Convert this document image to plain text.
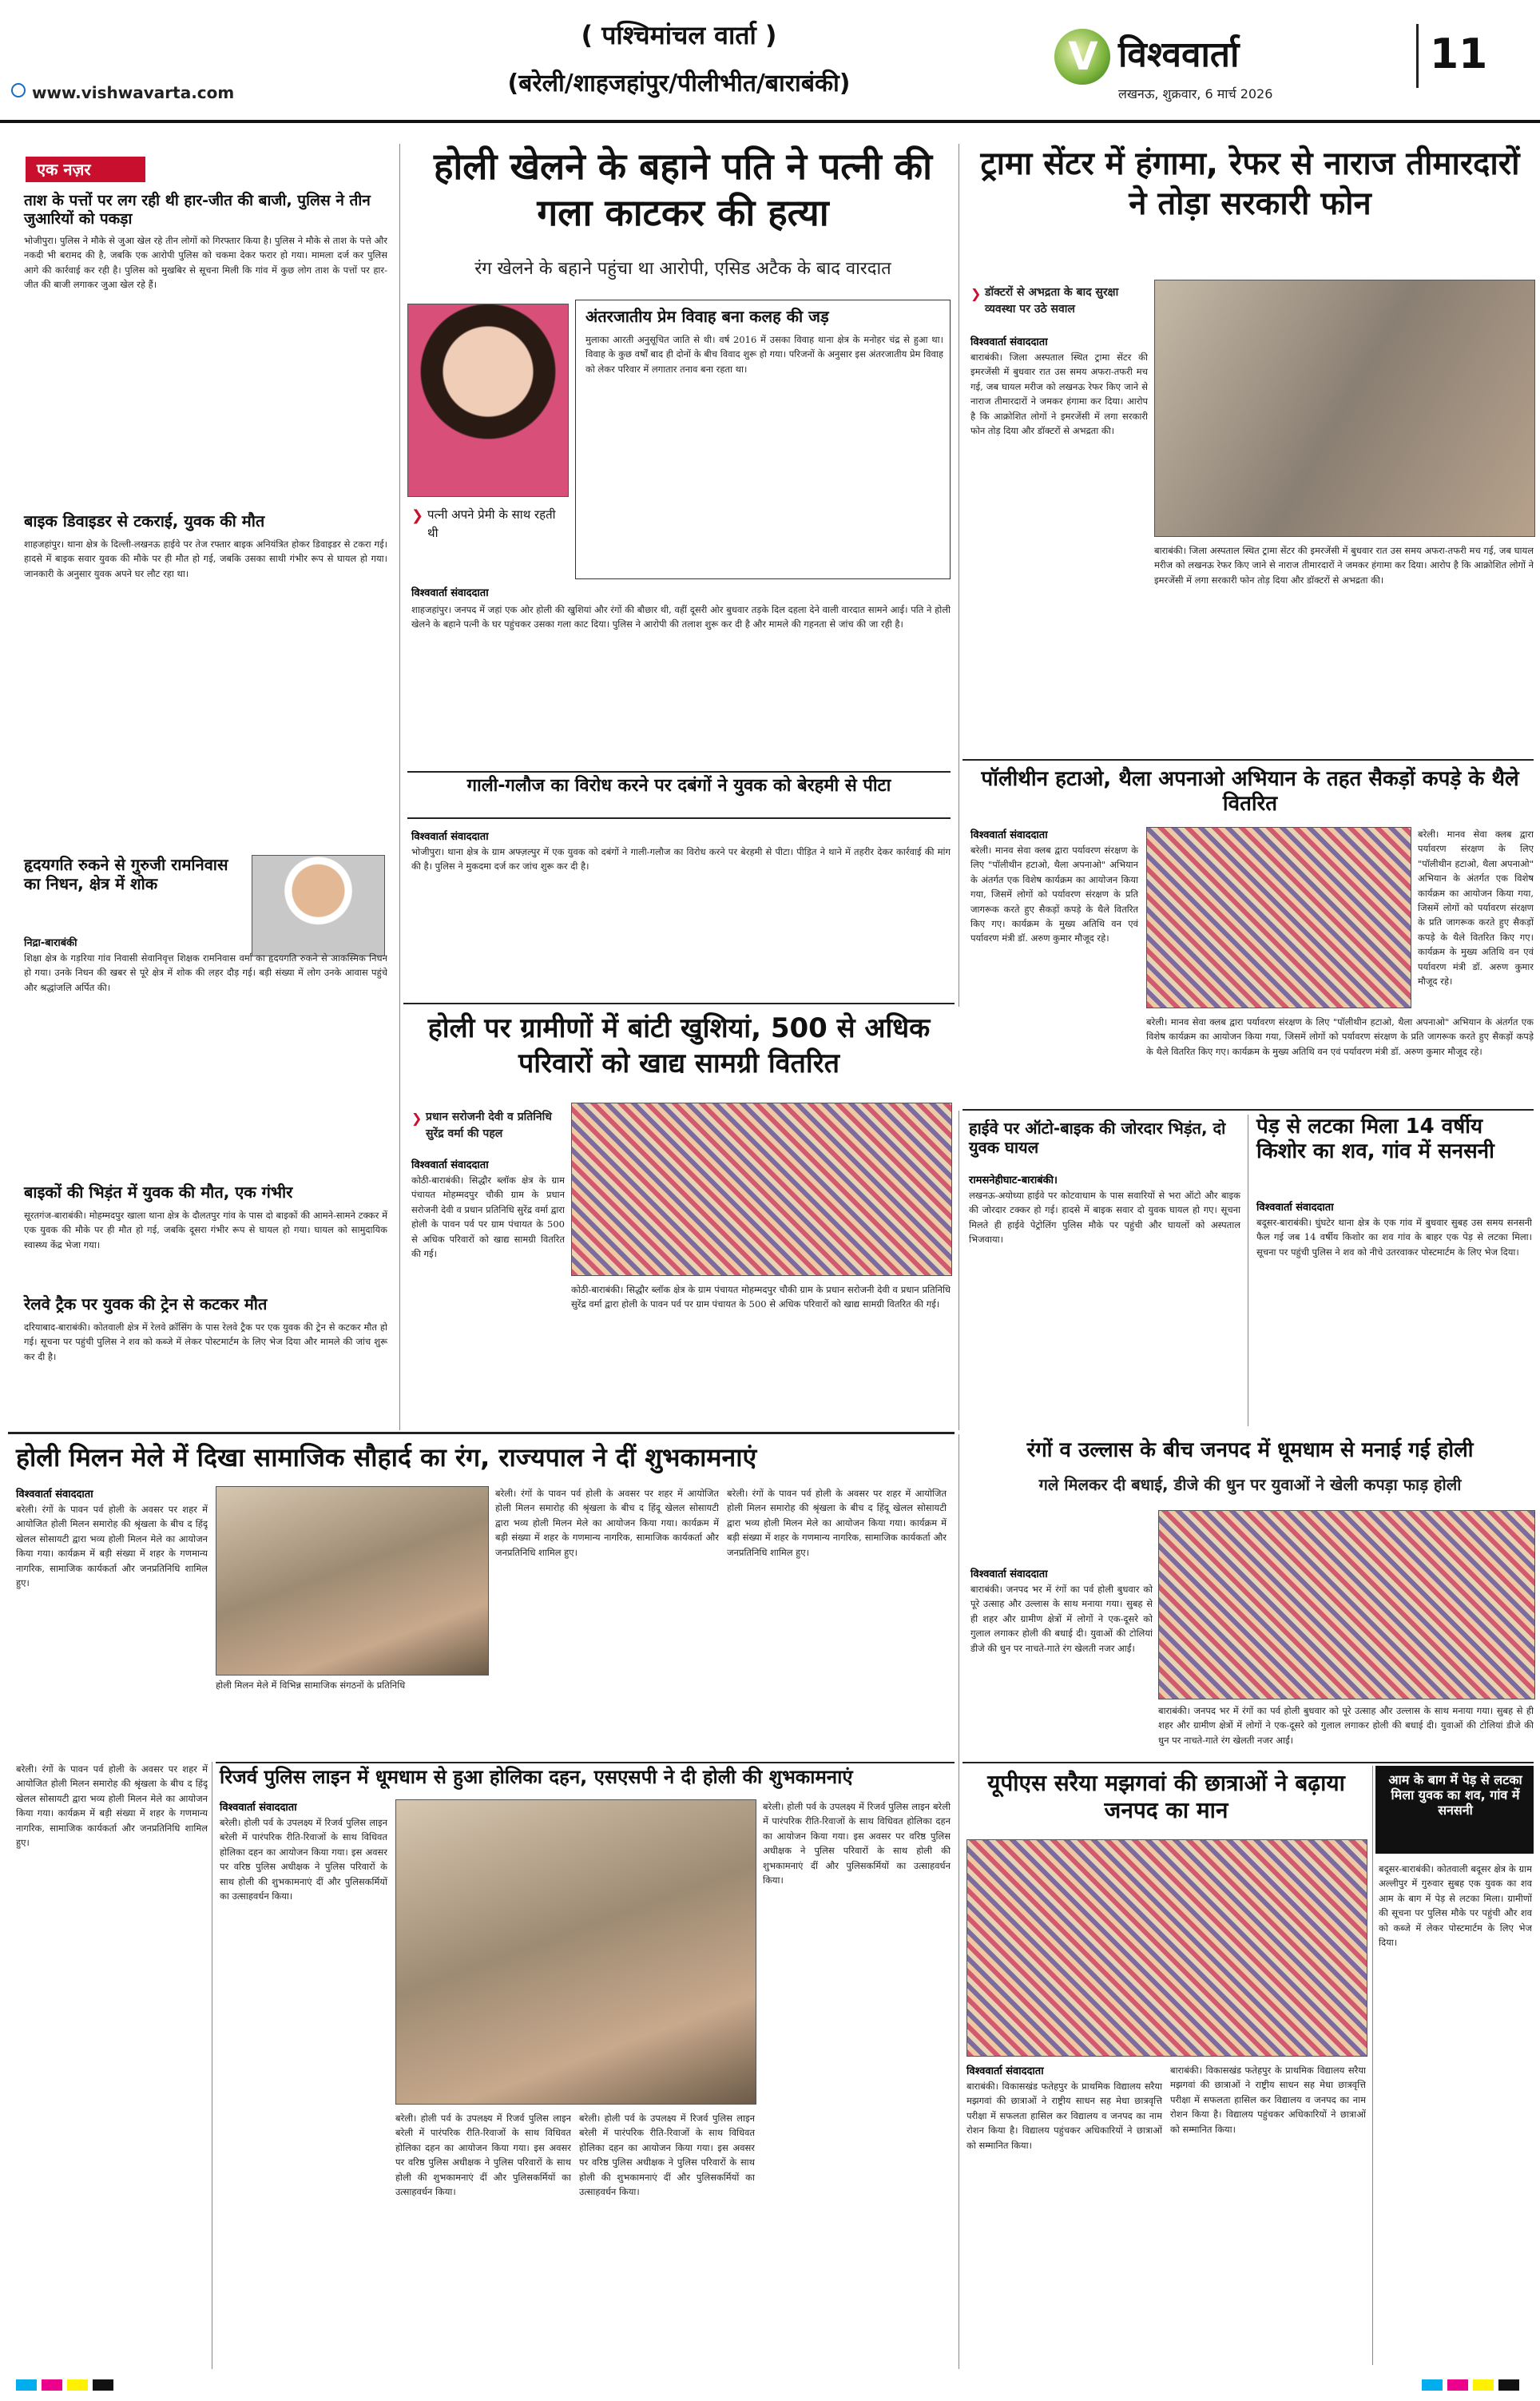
( पश्चिमांचल वार्ता )
(बरेली/शाहजहांपुर/पीलीभीत/बाराबंकी)
www.vishwavarta.com
V विश्ववार्ता
लखनऊ, शुक्रवार, 6 मार्च 2026
11
एक नज़र
ताश के पत्तों पर लग रही थी हार-जीत की बाजी, पुलिस ने तीन जुआरियों को पकड़ा
भोजीपुरा। पुलिस ने मौके से जुआ खेल रहे तीन लोगों को गिरफ्तार किया है। पुलिस ने मौके से ताश के पत्ते और नकदी भी बरामद की है, जबकि एक आरोपी पुलिस को चकमा देकर फरार हो गया। मामला दर्ज कर पुलिस आगे की कार्रवाई कर रही है। पुलिस को मुखबिर से सूचना मिली कि गांव में कुछ लोग ताश के पत्तों पर हार-जीत की बाजी लगाकर जुआ खेल रहे हैं।
बाइक डिवाइडर से टकराई, युवक की मौत
शाहजहांपुर। थाना क्षेत्र के दिल्ली-लखनऊ हाईवे पर तेज रफ्तार बाइक अनियंत्रित होकर डिवाइडर से टकरा गई। हादसे में बाइक सवार युवक की मौके पर ही मौत हो गई, जबकि उसका साथी गंभीर रूप से घायल हो गया। जानकारी के अनुसार युवक अपने घर लौट रहा था।
हृदयगति रुकने से गुरुजी रामनिवास का निधन, क्षेत्र में शोक
निद्रा-बाराबंकी
शिक्षा क्षेत्र के गड़रिया गांव निवासी सेवानिवृत्त शिक्षक रामनिवास वर्मा का हृदयगति रुकने से आकस्मिक निधन हो गया। उनके निधन की खबर से पूरे क्षेत्र में शोक की लहर दौड़ गई। बड़ी संख्या में लोग उनके आवास पहुंचे और श्रद्धांजलि अर्पित की।
बाइकों की भिड़ंत में युवक की मौत, एक गंभीर
सूरतगंज-बाराबंकी। मोहम्मदपुर खाला थाना क्षेत्र के दौलतपुर गांव के पास दो बाइकों की आमने-सामने टक्कर में एक युवक की मौके पर ही मौत हो गई, जबकि दूसरा गंभीर रूप से घायल हो गया। घायल को सामुदायिक स्वास्थ्य केंद्र भेजा गया।
रेलवे ट्रैक पर युवक की ट्रेन से कटकर मौत
दरियाबाद-बाराबंकी। कोतवाली क्षेत्र में रेलवे क्रॉसिंग के पास रेलवे ट्रैक पर एक युवक की ट्रेन से कटकर मौत हो गई। सूचना पर पहुंची पुलिस ने शव को कब्जे में लेकर पोस्टमार्टम के लिए भेज दिया और मामले की जांच शुरू कर दी है।
होली खेलने के बहाने पति ने पत्नी की गला काटकर की हत्या
रंग खेलने के बहाने पहुंचा था आरोपी, एसिड अटैक के बाद वारदात
❯ पत्नी अपने प्रेमी के साथ रहती थी
अंतरजातीय प्रेम विवाह बना कलह की जड़
मुलाका आरती अनुसूचित जाति से थी। वर्ष 2016 में उसका विवाह थाना क्षेत्र के मनोहर चंद्र से हुआ था। विवाह के कुछ वर्षों बाद ही दोनों के बीच विवाद शुरू हो गया। परिजनों के अनुसार इस अंतरजातीय प्रेम विवाह को लेकर परिवार में लगातार तनाव बना रहता था।
विश्ववार्ता संवाददाता
शाहजहांपुर। जनपद में जहां एक ओर होली की खुशियां और रंगों की बौछार थी, वहीं दूसरी ओर बुधवार तड़के दिल दहला देने वाली वारदात सामने आई। पति ने होली खेलने के बहाने पत्नी के घर पहुंचकर उसका गला काट दिया। पुलिस ने आरोपी की तलाश शुरू कर दी है और मामले की गहनता से जांच की जा रही है।
गाली-गलौज का विरोध करने पर दबंगों ने युवक को बेरहमी से पीटा
विश्ववार्ता संवाददाता
भोजीपुरा। थाना क्षेत्र के ग्राम अफ्ज़ल्पुर में एक युवक को दबंगों ने गाली-गलौज का विरोध करने पर बेरहमी से पीटा। पीड़ित ने थाने में तहरीर देकर कार्रवाई की मांग की है। पुलिस ने मुकदमा दर्ज कर जांच शुरू कर दी है।
ट्रामा सेंटर में हंगामा, रेफर से नाराज तीमारदारों ने तोड़ा सरकारी फोन
❯ डॉक्टरों से अभद्रता के बाद सुरक्षा व्यवस्था पर उठे सवाल
विश्ववार्ता संवाददाता
बाराबंकी। जिला अस्पताल स्थित ट्रामा सेंटर की इमरजेंसी में बुधवार रात उस समय अफरा-तफरी मच गई, जब घायल मरीज को लखनऊ रेफर किए जाने से नाराज तीमारदारों ने जमकर हंगामा कर दिया। आरोप है कि आक्रोशित लोगों ने इमरजेंसी में लगा सरकारी फोन तोड़ दिया और डॉक्टरों से अभद्रता की।
बाराबंकी। जिला अस्पताल स्थित ट्रामा सेंटर की इमरजेंसी में बुधवार रात उस समय अफरा-तफरी मच गई, जब घायल मरीज को लखनऊ रेफर किए जाने से नाराज तीमारदारों ने जमकर हंगामा कर दिया। आरोप है कि आक्रोशित लोगों ने इमरजेंसी में लगा सरकारी फोन तोड़ दिया और डॉक्टरों से अभद्रता की।
पॉलीथीन हटाओ, थैला अपनाओ अभियान के तहत सैकड़ों कपड़े के थैले वितरित
विश्ववार्ता संवाददाता
बरेली। मानव सेवा क्लब द्वारा पर्यावरण संरक्षण के लिए "पॉलीथीन हटाओ, थैला अपनाओ" अभियान के अंतर्गत एक विशेष कार्यक्रम का आयोजन किया गया, जिसमें लोगों को पर्यावरण संरक्षण के प्रति जागरूक करते हुए सैकड़ों कपड़े के थैले वितरित किए गए। कार्यक्रम के मुख्य अतिथि वन एवं पर्यावरण मंत्री डॉ. अरुण कुमार मौजूद रहे।
बरेली। मानव सेवा क्लब द्वारा पर्यावरण संरक्षण के लिए "पॉलीथीन हटाओ, थैला अपनाओ" अभियान के अंतर्गत एक विशेष कार्यक्रम का आयोजन किया गया, जिसमें लोगों को पर्यावरण संरक्षण के प्रति जागरूक करते हुए सैकड़ों कपड़े के थैले वितरित किए गए। कार्यक्रम के मुख्य अतिथि वन एवं पर्यावरण मंत्री डॉ. अरुण कुमार मौजूद रहे।
बरेली। मानव सेवा क्लब द्वारा पर्यावरण संरक्षण के लिए "पॉलीथीन हटाओ, थैला अपनाओ" अभियान के अंतर्गत एक विशेष कार्यक्रम का आयोजन किया गया, जिसमें लोगों को पर्यावरण संरक्षण के प्रति जागरूक करते हुए सैकड़ों कपड़े के थैले वितरित किए गए। कार्यक्रम के मुख्य अतिथि वन एवं पर्यावरण मंत्री डॉ. अरुण कुमार मौजूद रहे।
होली पर ग्रामीणों में बांटी खुशियां, 500 से अधिक परिवारों को खाद्य सामग्री वितरित
❯ प्रधान सरोजनी देवी व प्रतिनिधि सुरेंद्र वर्मा की पहल
विश्ववार्ता संवाददाता
कोठी-बाराबंकी। सिद्धौर ब्लॉक क्षेत्र के ग्राम पंचायत मोहम्मदपुर चौकी ग्राम के प्रधान सरोजनी देवी व प्रधान प्रतिनिधि सुरेंद्र वर्मा द्वारा होली के पावन पर्व पर ग्राम पंचायत के 500 से अधिक परिवारों को खाद्य सामग्री वितरित की गई।
कोठी-बाराबंकी। सिद्धौर ब्लॉक क्षेत्र के ग्राम पंचायत मोहम्मदपुर चौकी ग्राम के प्रधान सरोजनी देवी व प्रधान प्रतिनिधि सुरेंद्र वर्मा द्वारा होली के पावन पर्व पर ग्राम पंचायत के 500 से अधिक परिवारों को खाद्य सामग्री वितरित की गई।
हाईवे पर ऑटो-बाइक की जोरदार भिड़ंत, दो युवक घायल
रामसनेहीघाट-बाराबंकी।
लखनऊ-अयोध्या हाईवे पर कोटवाधाम के पास सवारियों से भरा ऑटो और बाइक की जोरदार टक्कर हो गई। हादसे में बाइक सवार दो युवक घायल हो गए। सूचना मिलते ही हाईवे पेट्रोलिंग पुलिस मौके पर पहुंची और घायलों को अस्पताल भिजवाया।
पेड़ से लटका मिला 14 वर्षीय किशोर का शव, गांव में सनसनी
विश्ववार्ता संवाददाता
बदूसर-बाराबंकी। घुंघटेर थाना क्षेत्र के एक गांव में बुधवार सुबह उस समय सनसनी फैल गई जब 14 वर्षीय किशोर का शव गांव के बाहर एक पेड़ से लटका मिला। सूचना पर पहुंची पुलिस ने शव को नीचे उतरवाकर पोस्टमार्टम के लिए भेज दिया।
होली मिलन मेले में दिखा सामाजिक सौहार्द का रंग, राज्यपाल ने दीं शुभकामनाएं
विश्ववार्ता संवाददाता
बरेली। रंगों के पावन पर्व होली के अवसर पर शहर में आयोजित होली मिलन समारोह की श्रृंखला के बीच द हिंदू खेलल सोसायटी द्वारा भव्य होली मिलन मेले का आयोजन किया गया। कार्यक्रम में बड़ी संख्या में शहर के गणमान्य नागरिक, सामाजिक कार्यकर्ता और जनप्रतिनिधि शामिल हुए।
होली मिलन मेले में विभिन्न सामाजिक संगठनों के प्रतिनिधि
बरेली। रंगों के पावन पर्व होली के अवसर पर शहर में आयोजित होली मिलन समारोह की श्रृंखला के बीच द हिंदू खेलल सोसायटी द्वारा भव्य होली मिलन मेले का आयोजन किया गया। कार्यक्रम में बड़ी संख्या में शहर के गणमान्य नागरिक, सामाजिक कार्यकर्ता और जनप्रतिनिधि शामिल हुए।
बरेली। रंगों के पावन पर्व होली के अवसर पर शहर में आयोजित होली मिलन समारोह की श्रृंखला के बीच द हिंदू खेलल सोसायटी द्वारा भव्य होली मिलन मेले का आयोजन किया गया। कार्यक्रम में बड़ी संख्या में शहर के गणमान्य नागरिक, सामाजिक कार्यकर्ता और जनप्रतिनिधि शामिल हुए।
रंगों व उल्लास के बीच जनपद में धूमधाम से मनाई गई होली
गले मिलकर दी बधाई, डीजे की धुन पर युवाओं ने खेली कपड़ा फाड़ होली
विश्ववार्ता संवाददाता
बाराबंकी। जनपद भर में रंगों का पर्व होली बुधवार को पूरे उत्साह और उल्लास के साथ मनाया गया। सुबह से ही शहर और ग्रामीण क्षेत्रों में लोगों ने एक-दूसरे को गुलाल लगाकर होली की बधाई दी। युवाओं की टोलियां डीजे की धुन पर नाचते-गाते रंग खेलती नजर आईं।
बाराबंकी। जनपद भर में रंगों का पर्व होली बुधवार को पूरे उत्साह और उल्लास के साथ मनाया गया। सुबह से ही शहर और ग्रामीण क्षेत्रों में लोगों ने एक-दूसरे को गुलाल लगाकर होली की बधाई दी। युवाओं की टोलियां डीजे की धुन पर नाचते-गाते रंग खेलती नजर आईं।
रिजर्व पुलिस लाइन में धूमधाम से हुआ होलिका दहन, एसएसपी ने दी होली की शुभकामनाएं
विश्ववार्ता संवाददाता
बरेली। होली पर्व के उपलक्ष्य में रिजर्व पुलिस लाइन बरेली में पारंपरिक रीति-रिवाजों के साथ विधिवत होलिका दहन का आयोजन किया गया। इस अवसर पर वरिष्ठ पुलिस अधीक्षक ने पुलिस परिवारों के साथ होली की शुभकामनाएं दीं और पुलिसकर्मियों का उत्साहवर्धन किया।
बरेली। होली पर्व के उपलक्ष्य में रिजर्व पुलिस लाइन बरेली में पारंपरिक रीति-रिवाजों के साथ विधिवत होलिका दहन का आयोजन किया गया। इस अवसर पर वरिष्ठ पुलिस अधीक्षक ने पुलिस परिवारों के साथ होली की शुभकामनाएं दीं और पुलिसकर्मियों का उत्साहवर्धन किया।
बरेली। होली पर्व के उपलक्ष्य में रिजर्व पुलिस लाइन बरेली में पारंपरिक रीति-रिवाजों के साथ विधिवत होलिका दहन का आयोजन किया गया। इस अवसर पर वरिष्ठ पुलिस अधीक्षक ने पुलिस परिवारों के साथ होली की शुभकामनाएं दीं और पुलिसकर्मियों का उत्साहवर्धन किया।
बरेली। होली पर्व के उपलक्ष्य में रिजर्व पुलिस लाइन बरेली में पारंपरिक रीति-रिवाजों के साथ विधिवत होलिका दहन का आयोजन किया गया। इस अवसर पर वरिष्ठ पुलिस अधीक्षक ने पुलिस परिवारों के साथ होली की शुभकामनाएं दीं और पुलिसकर्मियों का उत्साहवर्धन किया।
बरेली। रंगों के पावन पर्व होली के अवसर पर शहर में आयोजित होली मिलन समारोह की श्रृंखला के बीच द हिंदू खेलल सोसायटी द्वारा भव्य होली मिलन मेले का आयोजन किया गया। कार्यक्रम में बड़ी संख्या में शहर के गणमान्य नागरिक, सामाजिक कार्यकर्ता और जनप्रतिनिधि शामिल हुए।
यूपीएस सरैया मझगवां की छात्राओं ने बढ़ाया जनपद का मान
विश्ववार्ता संवाददाता
बाराबंकी। विकासखंड फतेहपुर के प्राथमिक विद्यालय सरैया मझगवां की छात्राओं ने राष्ट्रीय साधन सह मेधा छात्रवृत्ति परीक्षा में सफलता हासिल कर विद्यालय व जनपद का नाम रोशन किया है। विद्यालय पहुंचकर अधिकारियों ने छात्राओं को सम्मानित किया।
बाराबंकी। विकासखंड फतेहपुर के प्राथमिक विद्यालय सरैया मझगवां की छात्राओं ने राष्ट्रीय साधन सह मेधा छात्रवृत्ति परीक्षा में सफलता हासिल कर विद्यालय व जनपद का नाम रोशन किया है। विद्यालय पहुंचकर अधिकारियों ने छात्राओं को सम्मानित किया।
आम के बाग में पेड़ से लटका मिला युवक का शव, गांव में सनसनी
बदूसर-बाराबंकी। कोतवाली बदूसर क्षेत्र के ग्राम अल्लीपुर में गुरुवार सुबह एक युवक का शव आम के बाग में पेड़ से लटका मिला। ग्रामीणों की सूचना पर पुलिस मौके पर पहुंची और शव को कब्जे में लेकर पोस्टमार्टम के लिए भेज दिया।
